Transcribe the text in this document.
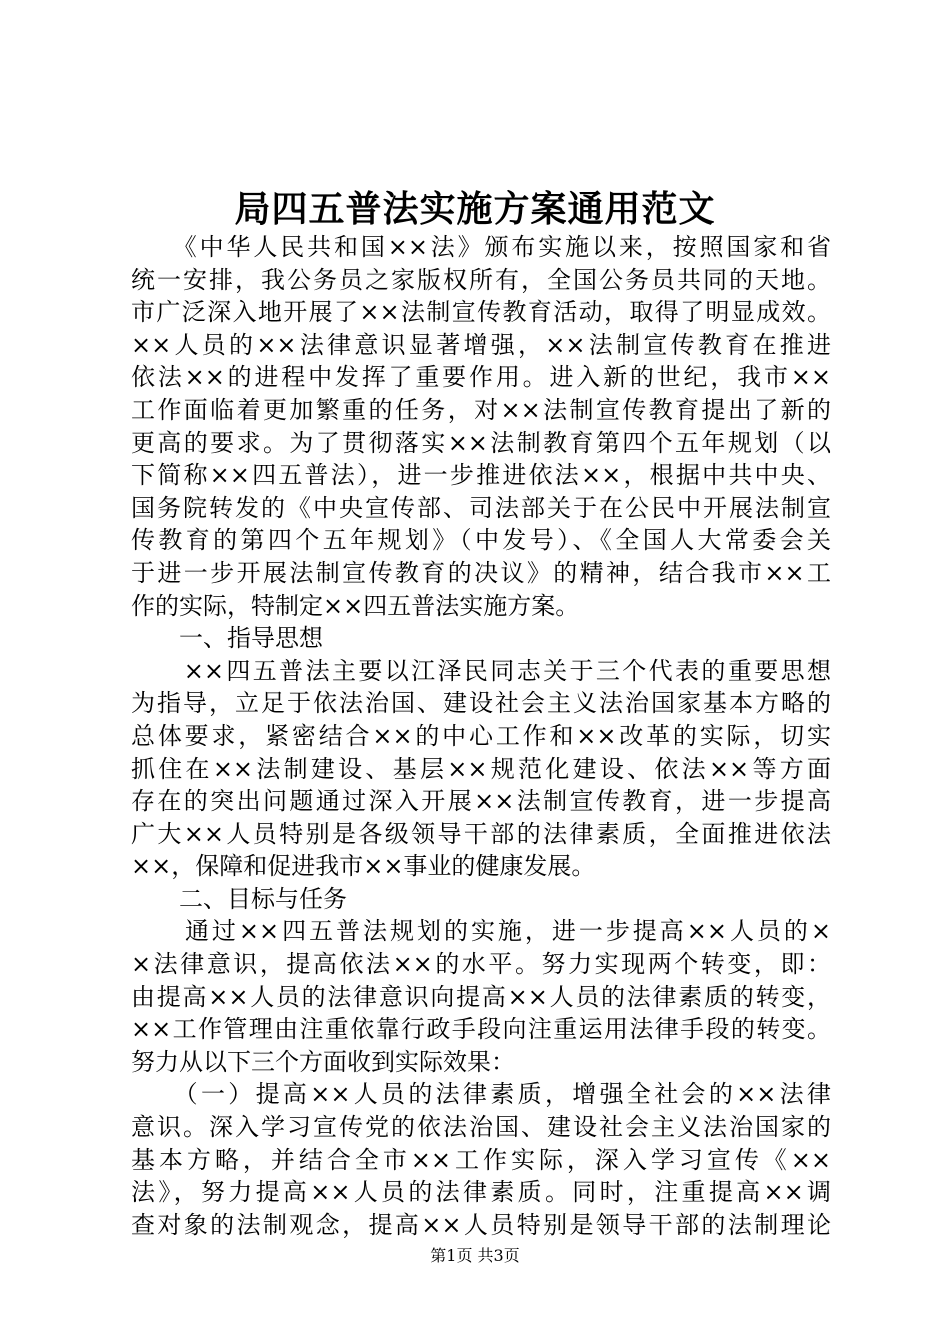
局四五普法实施方案通用范文
　　《中华人民共和国××法》颁布实施以来，按照国家和省
统一安排，我公务员之家版权所有，全国公务员共同的天地。
市广泛深入地开展了××法制宣传教育活动，取得了明显成效。
××人员的××法律意识显著增强，××法制宣传教育在推进
依法××的进程中发挥了重要作用。进入新的世纪，我市××
工作面临着更加繁重的任务，对××法制宣传教育提出了新的
更高的要求。为了贯彻落实××法制教育第四个五年规划（以
下简称××四五普法），进一步推进依法××，根据中共中央、
国务院转发的《中央宣传部、司法部关于在公民中开展法制宣
传教育的第四个五年规划》（中发号）、《全国人大常委会关
于进一步开展法制宣传教育的决议》的精神，结合我市××工
作的实际，特制定××四五普法实施方案。
　　一、指导思想
　　××四五普法主要以江泽民同志关于三个代表的重要思想
为指导，立足于依法治国、建设社会主义法治国家基本方略的
总体要求，紧密结合××的中心工作和××改革的实际，切实
抓住在××法制建设、基层××规范化建设、依法××等方面
存在的突出问题通过深入开展××法制宣传教育，进一步提高
广大××人员特别是各级领导干部的法律素质，全面推进依法
××，保障和促进我市××事业的健康发展。
　　二、目标与任务
　　通过××四五普法规划的实施，进一步提高××人员的×
×法律意识，提高依法××的水平。努力实现两个转变，即：
由提高××人员的法律意识向提高××人员的法律素质的转变，
××工作管理由注重依靠行政手段向注重运用法律手段的转变。
努力从以下三个方面收到实际效果：
　　（一）提高××人员的法律素质，增强全社会的××法律
意识。深入学习宣传党的依法治国、建设社会主义法治国家的
基本方略，并结合全市××工作实际，深入学习宣传《××
法》，努力提高××人员的法律素质。同时，注重提高××调
查对象的法制观念，提高××人员特别是领导干部的法制理论
第1页 共3页
